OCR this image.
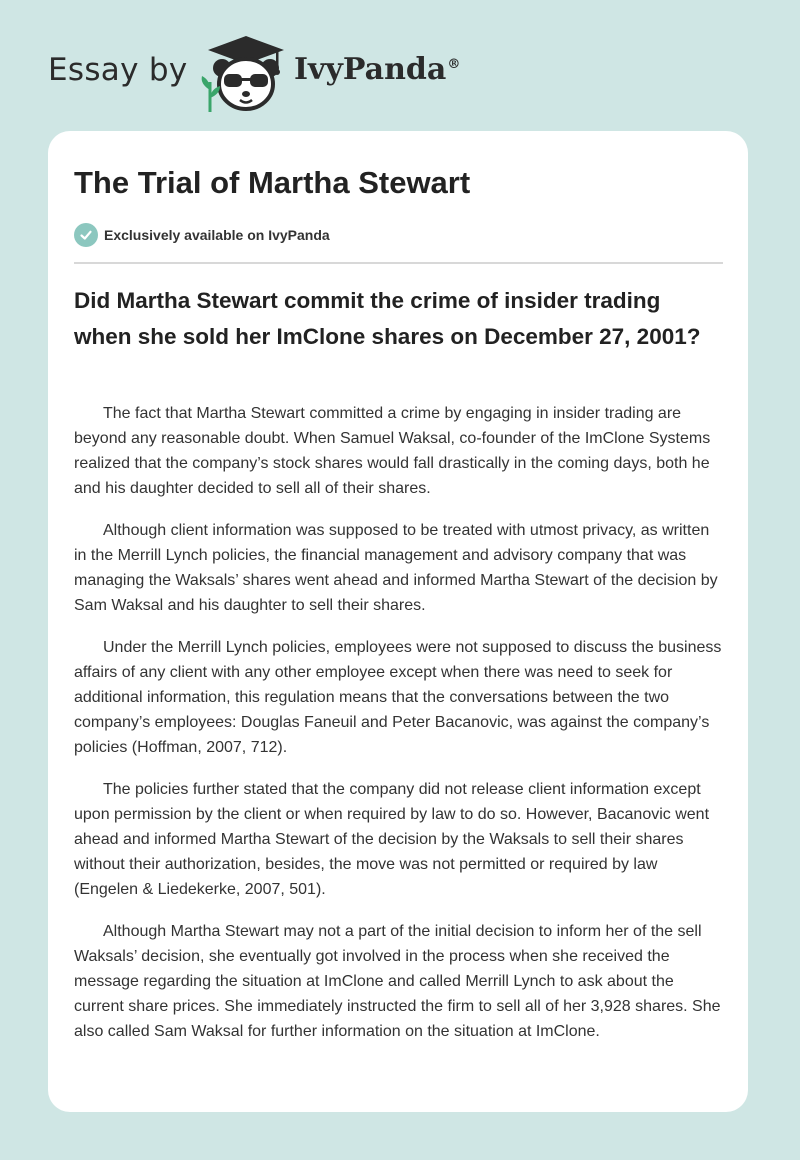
Essay by	IvyPanda®
The Trial of Martha Stewart
Exclusively available on IvyPanda
Did Martha Stewart commit the crime of insider trading when she sold her ImClone shares on December 27, 2001?

The fact that Martha Stewart committed a crime by engaging in insider trading are beyond any reasonable doubt. When Samuel Waksal, co-founder of the ImClone Systems realized that the company’s stock shares would fall drastically in the coming days, both he and his daughter decided to sell all of their shares.

Although client information was supposed to be treated with utmost privacy, as written in the Merrill Lynch policies, the financial management and advisory company that was managing the Waksals’ shares went ahead and informed Martha Stewart of the decision by Sam Waksal and his daughter to sell their shares.

Under the Merrill Lynch policies, employees were not supposed to discuss the business affairs of any client with any other employee except when there was need to seek for additional information, this regulation means that the conversations between the two company’s employees: Douglas Faneuil and Peter Bacanovic, was against the company’s policies (Hoffman, 2007, 712).

The policies further stated that the company did not release client information except upon permission by the client or when required by law to do so. However, Bacanovic went ahead and informed Martha Stewart of the decision by the Waksals to sell their shares without their authorization, besides, the move was not permitted or required by law (Engelen & Liedekerke, 2007, 501).

Although Martha Stewart may not a part of the initial decision to inform her of the sell Waksals’ decision, she eventually got involved in the process when she received the message regarding the situation at ImClone and called Merrill Lynch to ask about the current share prices. She immediately instructed the firm to sell all of her 3,928 shares. She also called Sam Waksal for further information on the situation at ImClone.
